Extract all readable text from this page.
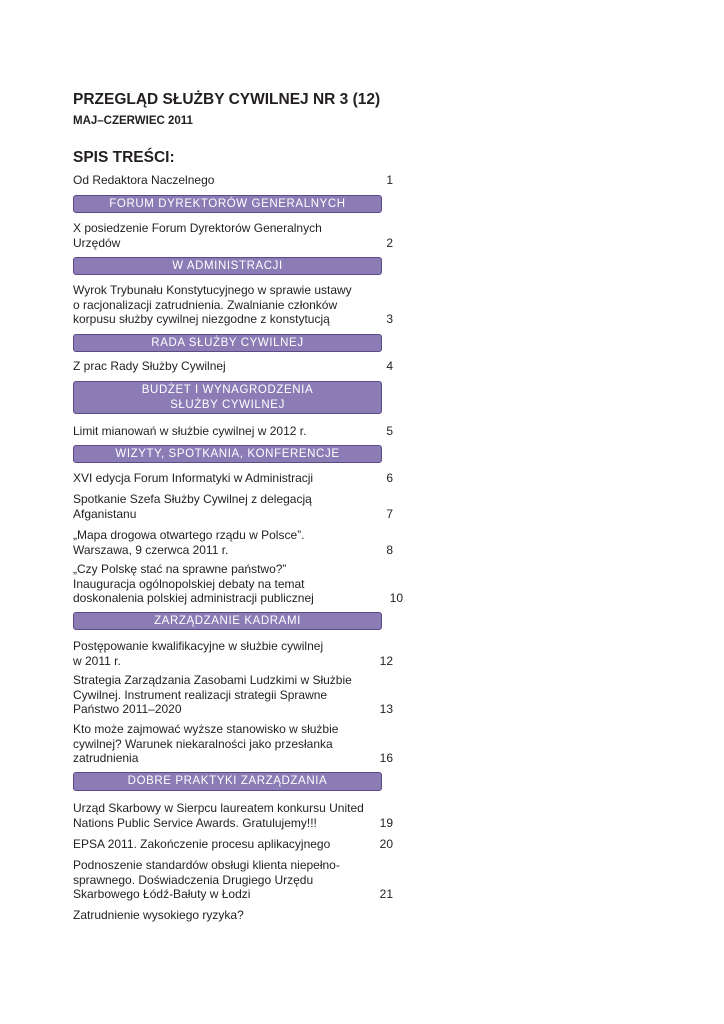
PRZEGLĄD SŁUŻBY CYWILNEJ NR 3 (12)
MAJ–CZERWIEC 2011
SPIS TREŚCI:
Od Redaktora Naczelnego	1
FORUM DYREKTORÓW GENERALNYCH
X posiedzenie Forum Dyrektorów Generalnych
Urzędów	2
W ADMINISTRACJI
Wyrok Trybunału Konstytucyjnego w sprawie ustawy
o racjonalizacji zatrudnienia. Zwalnianie członków
korpusu służby cywilnej niezgodne z konstytucją	3
RADA SŁUŻBY CYWILNEJ
Z prac Rady Służby Cywilnej	4
BUDŻET I WYNAGRODZENIA
SŁUŻBY CYWILNEJ
Limit mianowań w służbie cywilnej w 2012 r.	5
WIZYTY, SPOTKANIA, KONFERENCJE
XVI edycja Forum Informatyki w Administracji	6
Spotkanie Szefa Służby Cywilnej z delegacją
Afganistanu	7
„Mapa drogowa otwartego rządu w Polsce”.
Warszawa, 9 czerwca 2011 r.	8
„Czy Polskę stać na sprawne państwo?”
Inauguracja ogólnopolskiej debaty na temat
doskonalenia polskiej administracji publicznej	10
ZARZĄDZANIE KADRAMI
Postępowanie kwalifikacyjne w służbie cywilnej
w 2011 r.	12
Strategia Zarządzania Zasobami Ludzkimi w Służbie
Cywilnej. Instrument realizacji strategii Sprawne
Państwo 2011–2020	13
Kto może zajmować wyższe stanowisko w służbie
cywilnej? Warunek niekaralności jako przesłanka
zatrudnienia	16
DOBRE PRAKTYKI ZARZĄDZANIA
Urząd Skarbowy w Sierpcu laureatem konkursu United
Nations Public Service Awards. Gratulujemy!!!	19
EPSA 2011. Zakończenie procesu aplikacyjnego	20
Podnoszenie standardów obsługi klienta niepełno-
sprawnego. Doświadczenia Drugiego Urzędu
Skarbowego Łódź-Bałuty w Łodzi	21
Zatrudnienie wysokiego ryzyka?
